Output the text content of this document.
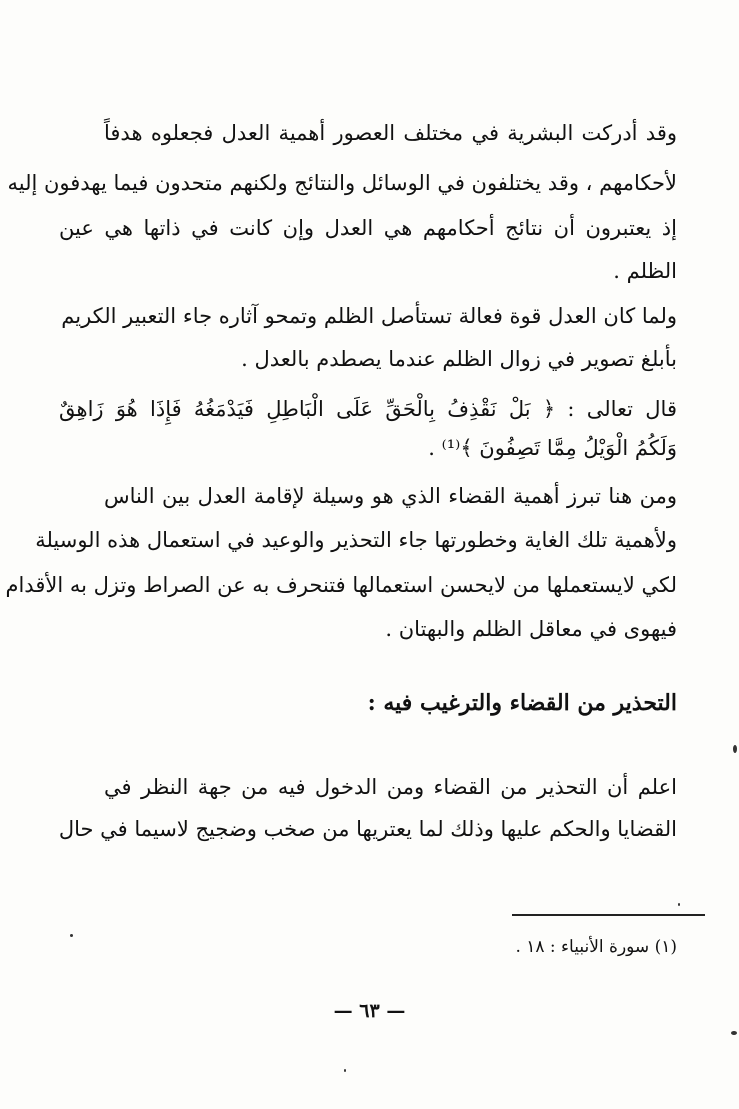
وقد أدركت البشرية في مختلف العصور أهمية العدل فجعلوه هدفاً
لأحكامهم ، وقد يختلفون في الوسائل والنتائج ولكنهم متحدون فيما يهدفون إليه
إذ يعتبرون أن نتائج أحكامهم هي العدل وإن كانت في ذاتها هي عين
الظلم .
ولما كان العدل قوة فعالة تستأصل الظلم وتمحو آثاره جاء التعبير الكريم
بأبلغ تصوير في زوال الظلم عندما يصطدم بالعدل .
قال تعالى : ﴿ بَلْ نَقْذِفُ بِالْحَقِّ عَلَى الْبَاطِلِ فَيَدْمَغُهُ فَإِذَا هُوَ زَاهِقٌ
وَلَكُمُ الْوَيْلُ مِمَّا تَصِفُونَ ﴾⁽¹⁾ .
ومن هنا تبرز أهمية القضاء الذي هو وسيلة لإقامة العدل بين الناس
ولأهمية تلك الغاية وخطورتها جاء التحذير والوعيد في استعمال هذه الوسيلة
لكي لايستعملها من لايحسن استعمالها فتنحرف به عن الصراط وتزل به الأقدام
فيهوى في معاقل الظلم والبهتان .
التحذير من القضاء والترغيب فيه :
اعلم أن التحذير من القضاء ومن الدخول فيه من جهة النظر في
القضايا والحكم عليها وذلك لما يعتريها من صخب وضجيج لاسيما في حال
(١) سورة الأنبياء : ١٨ .
— ٦٣ —
